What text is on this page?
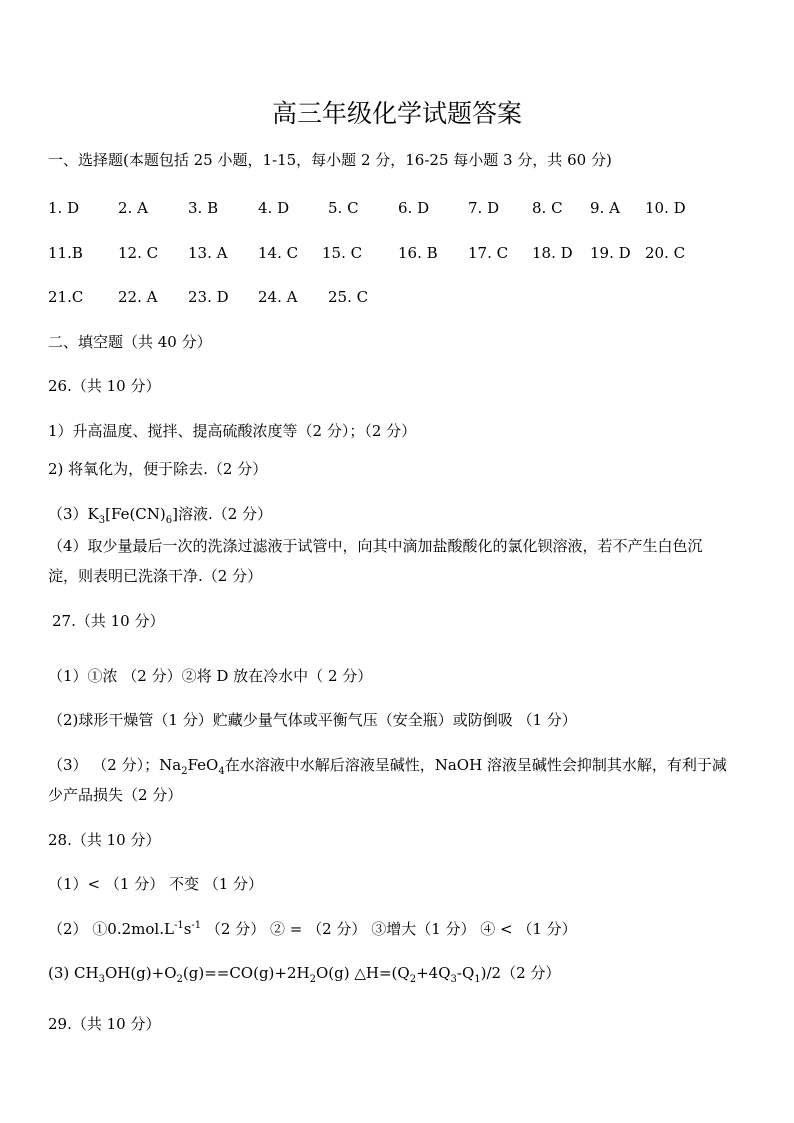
高三年级化学试题答案
一、选择题(本题包括 25 小题，1-15，每小题 2 分，16-25 每小题 3 分，共 60 分)
1. D	2. A	3. B	4. D	5. C	6. D	7. D 8. C 9. A 10. D
11.B 12. C 13. A 14. C 15. C 16. B 17. C 18. D 19. D 20. C
21.C 22. A 23. D 24. A 25. C
二、填空题（共 40 分）
26.（共 10 分）
1）升高温度、搅拌、提高硫酸浓度等（2 分）；（2 分）
2) 将氧化为，便于除去.（2 分）
$(3)K_3[Fe(CN)_6]$溶液.（2 分）
（4）取少量最后一次的洗涤过滤液于试管中，向其中滴加盐酸酸化的氯化钡溶液，若不产生白色沉
淀，则表明已洗涤干净.（2 分）
27.（共 10 分）
（1）①浓 （2 分）②将 D 放在冷水中（ 2 分）
（2)球形干燥管（1 分）贮藏少量气体或平衡气压（安全瓶）或防倒吸 （1 分）
（3） （2 分）；$Na_2FeO_4$在水溶液中水解后溶液呈碱性，NaOH 溶液呈碱性会抑制其水解，有利于减
少产品损失（2 分）
28.（共 10 分）
（1）< （1 分） 不变 （1 分）
（2） $①0.2mol.L^{-1}s^{-1}$ （2 分） ② = （2 分） ③增大（1 分） ④ < （1 分）
(3) $CH_3OH(g)+O_2(g)==CO(g)+2H_2O(g)$ $\triangle H=(Q_2+4Q_3-Q_1)/2(2$ 分）
29.（共 10 分）
